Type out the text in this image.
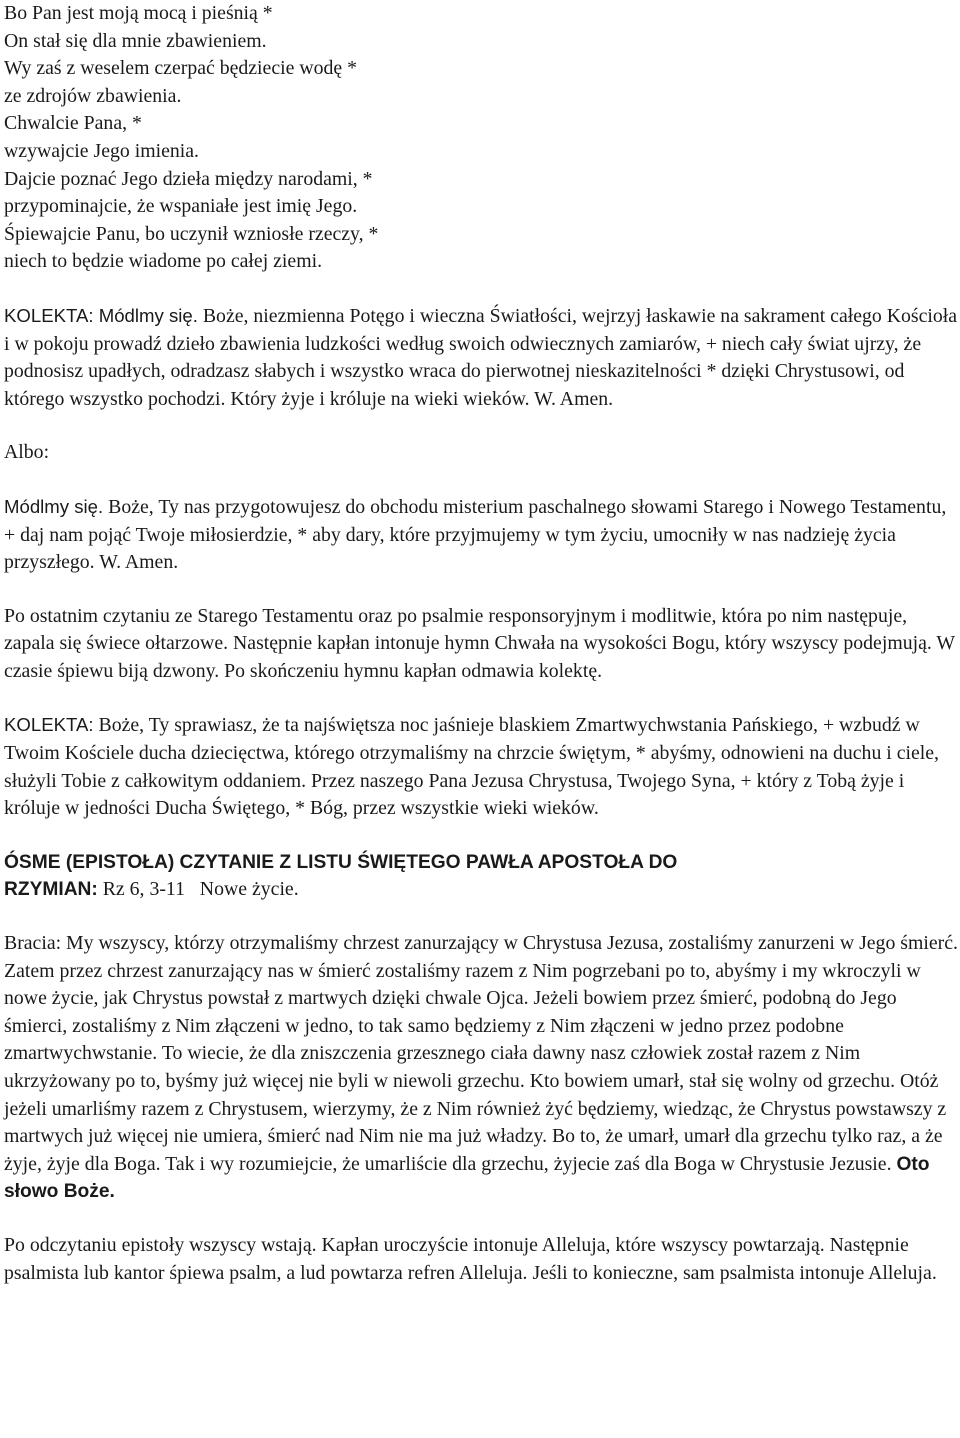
Bo Pan jest moją mocą i pieśnią *
On stał się dla mnie zbawieniem.
Wy zaś z weselem czerpać będziecie wodę *
ze zdrojów zbawienia.
Chwalcie Pana, *
wzywajcie Jego imienia.
Dajcie poznać Jego dzieła między narodami, *
przypominajcie, że wspaniałe jest imię Jego.
Śpiewajcie Panu, bo uczynił wzniosłe rzeczy, *
niech to będzie wiadome po całej ziemi.

KOLEKTA: Módlmy się. Boże, niezmienna Potęgo i wieczna Światłości, wejrzyj łaskawie na sakrament całego Kościoła i w pokoju prowadź dzieło zbawienia ludzkości według swoich odwiecznych zamiarów, + niech cały świat ujrzy, że podnosisz upadłych, odradzasz słabych i wszystko wraca do pierwotnej nieskazitelności * dzięki Chrystusowi, od którego wszystko pochodzi. Który żyje i króluje na wieki wieków. W. Amen.

Albo:

Módlmy się. Boże, Ty nas przygotowujesz do obchodu misterium paschalnego słowami Starego i Nowego Testamentu, + daj nam pojąć Twoje miłosierdzie, * aby dary, które przyjmujemy w tym życiu, umocniły w nas nadzieję życia przyszłego. W. Amen.

Po ostatnim czytaniu ze Starego Testamentu oraz po psalmie responsoryjnym i modlitwie, która po nim następuje, zapala się świece ołtarzowe. Następnie kapłan intonuje hymn Chwała na wysokości Bogu, który wszyscy podejmują. W czasie śpiewu biją dzwony. Po skończeniu hymnu kapłan odmawia kolektę.

KOLEKTA: Boże, Ty sprawiasz, że ta najświętsza noc jaśnieje blaskiem Zmartwychwstania Pańskiego, + wzbudź w Twoim Kościele ducha dziecięctwa, którego otrzymaliśmy na chrzcie świętym, * abyśmy, odnowieni na duchu i ciele, służyli Tobie z całkowitym oddaniem. Przez naszego Pana Jezusa Chrystusa, Twojego Syna, + który z Tobą żyje i króluje w jedności Ducha Świętego, * Bóg, przez wszystkie wieki wieków.

ÓSME (EPISTOŁA) CZYTANIE Z LISTU ŚWIĘTEGO PAWŁA APOSTOŁA DO
RZYMIAN: Rz 6, 3-11   Nowe życie.

Bracia: My wszyscy, którzy otrzymaliśmy chrzest zanurzający w Chrystusa Jezusa, zostaliśmy zanurzeni w Jego śmierć. Zatem przez chrzest zanurzający nas w śmierć zostaliśmy razem z Nim pogrzebani po to, abyśmy i my wkroczyli w nowe życie, jak Chrystus powstał z martwych dzięki chwale Ojca. Jeżeli bowiem przez śmierć, podobną do Jego śmierci, zostaliśmy z Nim złączeni w jedno, to tak samo będziemy z Nim złączeni w jedno przez podobne zmartwychwstanie. To wiecie, że dla zniszczenia grzesznego ciała dawny nasz człowiek został razem z Nim ukrzyżowany po to, byśmy już więcej nie byli w niewoli grzechu. Kto bowiem umarł, stał się wolny od grzechu. Otóż jeżeli umarliśmy razem z Chrystusem, wierzymy, że z Nim również żyć będziemy, wiedząc, że Chrystus powstawszy z martwych już więcej nie umiera, śmierć nad Nim nie ma już władzy. Bo to, że umarł, umarł dla grzechu tylko raz, a że żyje, żyje dla Boga. Tak i wy rozumiejcie, że umarliście dla grzechu, żyjecie zaś dla Boga w Chrystusie Jezusie. Oto słowo Boże.

Po odczytaniu epistoły wszyscy wstają. Kapłan uroczyście intonuje Alleluja, które wszyscy powtarzają. Następnie psalmista lub kantor śpiewa psalm, a lud powtarza refren Alleluja. Jeśli to konieczne, sam psalmista intonuje Alleluja.
